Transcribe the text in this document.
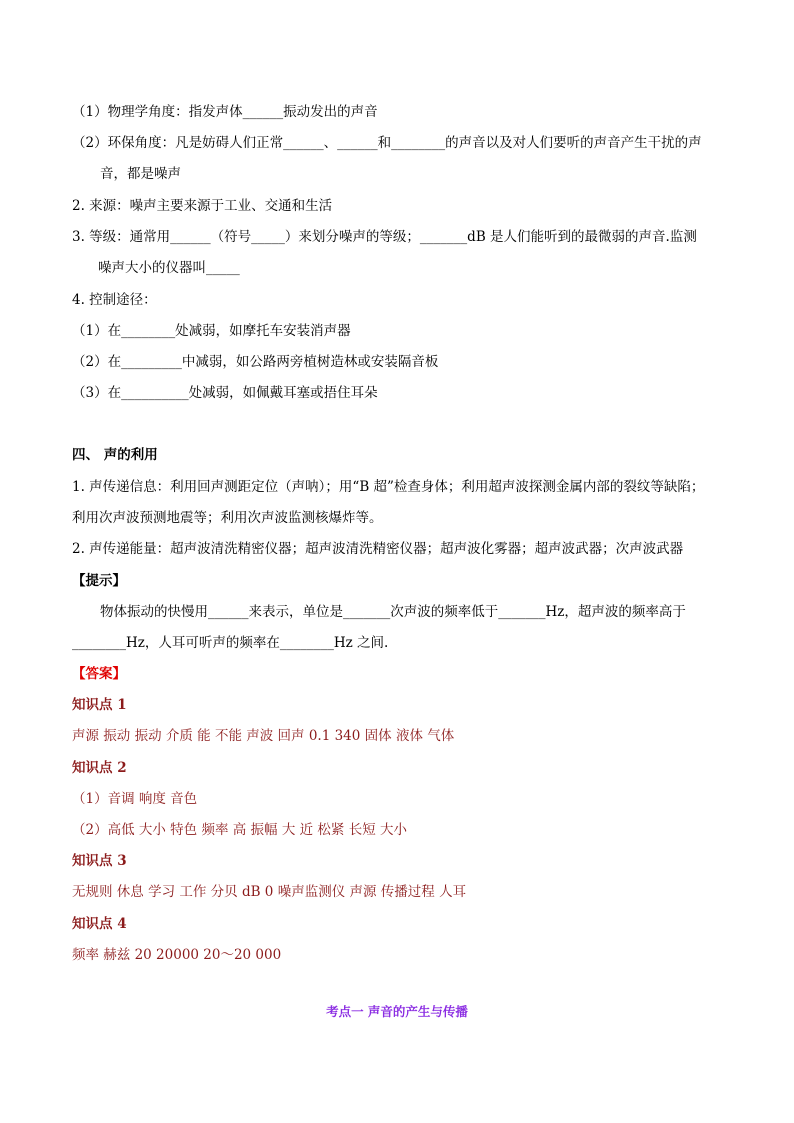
（1）物理学角度：指发声体______振动发出的声音
（2）环保角度：凡是妨碍人们正常______、______和________的声音以及对人们要听的声音产生干扰的声
音，都是噪声
2. 来源：噪声主要来源于工业、交通和生活
3. 等级：通常用______（符号_____）来划分噪声的等级；_______dB 是人们能听到的最微弱的声音.监测
噪声大小的仪器叫_____
4. 控制途径：
（1）在________处减弱，如摩托车安装消声器
（2）在_________中减弱，如公路两旁植树造林或安装隔音板
（3）在__________处减弱，如佩戴耳塞或捂住耳朵
四、 声的利用
1. 声传递信息：利用回声测距定位（声呐）；用“B 超”检查身体；利用超声波探测金属内部的裂纹等缺陷；
利用次声波预测地震等；利用次声波监测核爆炸等。
2. 声传递能量：超声波清洗精密仪器；超声波清洗精密仪器；超声波化雾器；超声波武器；次声波武器
【提示】
物体振动的快慢用______来表示，单位是_______次声波的频率低于_______Hz，超声波的频率高于
________Hz，人耳可听声的频率在________Hz 之间.
【答案】
知识点 1
声源 振动 振动 介质 能 不能 声波 回声 0.1 340 固体 液体 气体
知识点 2
（1）音调 响度 音色
（2）高低 大小 特色 频率 高 振幅 大 近 松紧 长短 大小
知识点 3
无规则 休息 学习 工作 分贝 dB 0 噪声监测仪 声源 传播过程 人耳
知识点 4
频率 赫兹 20 20000 20～20 000
考点一 声音的产生与传播
